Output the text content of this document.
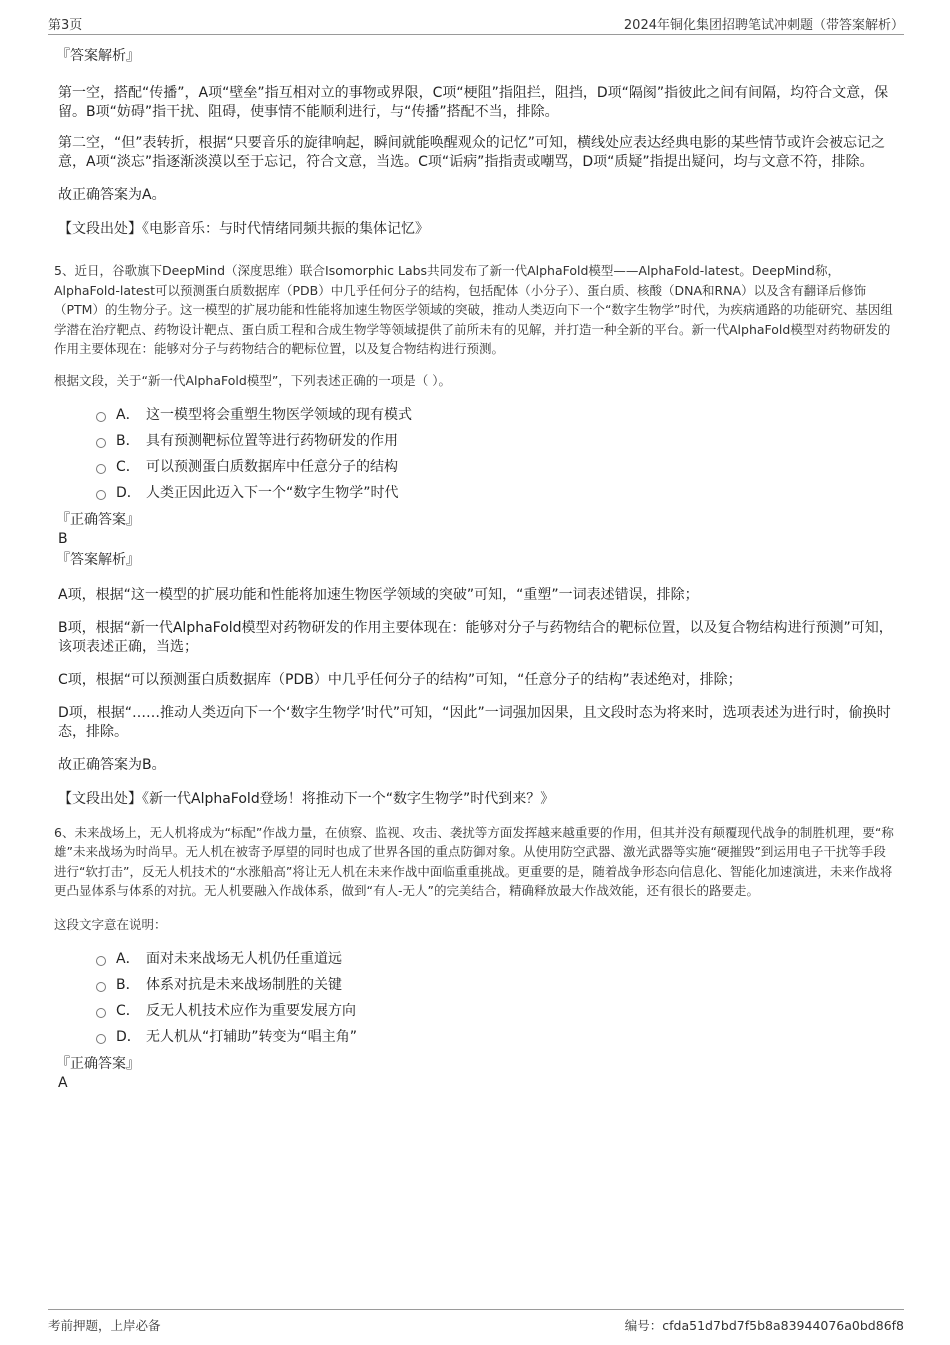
第3页	2024年铜化集团招聘笔试冲刺题（带答案解析）
『答案解析』

第一空，搭配“传播”，A项“壁垒”指互相对立的事物或界限，C项“梗阻”指阻拦，阻挡，D项“隔阂”指彼此之间有间隔，均符合文意，保留。B项“妨碍”指干扰、阻碍，使事情不能顺利进行，与“传播”搭配不当，排除。

第二空，“但”表转折，根据“只要音乐的旋律响起，瞬间就能唤醒观众的记忆”可知，横线处应表达经典电影的某些情节或许会被忘记之意，A项“淡忘”指逐渐淡漠以至于忘记，符合文意，当选。C项“诟病”指指责或嘲骂，D项“质疑”指提出疑问，均与文意不符，排除。

故正确答案为A。

【文段出处】《电影音乐：与时代情绪同频共振的集体记忆》

5、近日，谷歌旗下DeepMind（深度思维）联合Isomorphic Labs共同发布了新一代AlphaFold模型——AlphaFold-latest。DeepMind称，AlphaFold-latest可以预测蛋白质数据库（PDB）中几乎任何分子的结构，包括配体（小分子）、蛋白质、核酸（DNA和RNA）以及含有翻译后修饰（PTM）的生物分子。这一模型的扩展功能和性能将加速生物医学领域的突破，推动人类迈向下一个“数字生物学”时代，为疾病通路的功能研究、基因组学潜在治疗靶点、药物设计靶点、蛋白质工程和合成生物学等领域提供了前所未有的见解，并打造一种全新的平台。新一代AlphaFold模型对药物研发的作用主要体现在：能够对分子与药物结合的靶标位置，以及复合物结构进行预测。

根据文段，关于“新一代AlphaFold模型”，下列表述正确的一项是（ ）。

A． 这一模型将会重塑生物医学领域的现有模式
B． 具有预测靶标位置等进行药物研发的作用
C． 可以预测蛋白质数据库中任意分子的结构
D． 人类正因此迈入下一个“数字生物学”时代
『正确答案』
B
『答案解析』

A项，根据“这一模型的扩展功能和性能将加速生物医学领域的突破”可知，“重塑”一词表述错误，排除；

B项，根据“新一代AlphaFold模型对药物研发的作用主要体现在：能够对分子与药物结合的靶标位置，以及复合物结构进行预测”可知，该项表述正确，当选；

C项，根据“可以预测蛋白质数据库（PDB）中几乎任何分子的结构”可知，“任意分子的结构”表述绝对，排除；

D项，根据“……推动人类迈向下一个‘数字生物学’时代”可知，“因此”一词强加因果，且文段时态为将来时，选项表述为进行时，偷换时态，排除。

故正确答案为B。

【文段出处】《新一代AlphaFold登场！将推动下一个“数字生物学”时代到来？》

6、未来战场上，无人机将成为“标配”作战力量，在侦察、监视、攻击、袭扰等方面发挥越来越重要的作用，但其并没有颠覆现代战争的制胜机理，要“称雄”未来战场为时尚早。无人机在被寄予厚望的同时也成了世界各国的重点防御对象。从使用防空武器、激光武器等实施“硬摧毁”到运用电子干扰等手段进行“软打击”，反无人机技术的“水涨船高”将让无人机在未来作战中面临重重挑战。更重要的是，随着战争形态向信息化、智能化加速演进，未来作战将更凸显体系与体系的对抗。无人机要融入作战体系，做到“有人-无人”的完美结合，精确释放最大作战效能，还有很长的路要走。

这段文字意在说明：

A． 面对未来战场无人机仍任重道远
B． 体系对抗是未来战场制胜的关键
C． 反无人机技术应作为重要发展方向
D． 无人机从“打辅助”转变为“唱主角”
『正确答案』
A
考前押题，上岸必备	编号：cfda51d7bd7f5b8a83944076a0bd86f8
